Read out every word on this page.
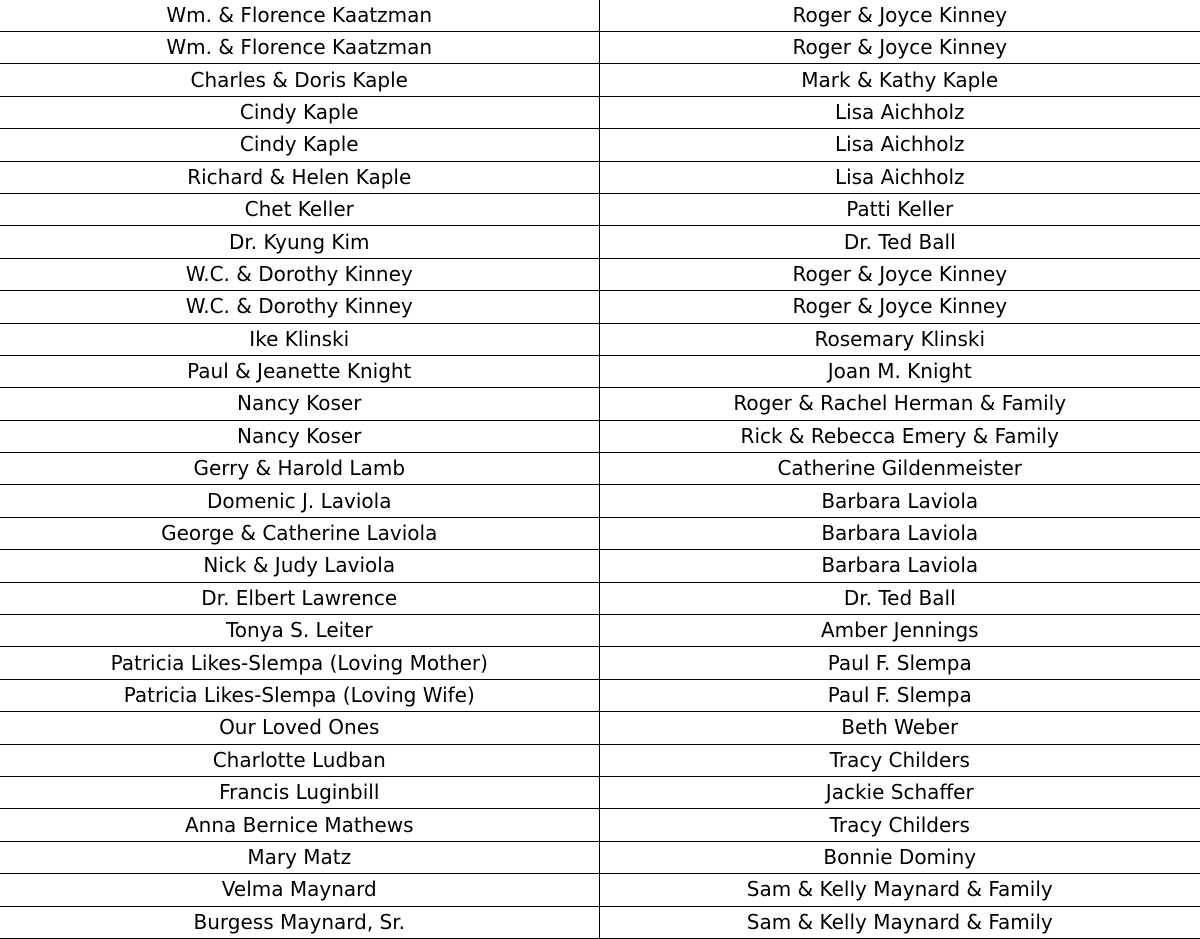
Wm. & Florence Kaatzman	Roger & Joyce Kinney
Wm. & Florence Kaatzman	Roger & Joyce Kinney
Charles & Doris Kaple	Mark & Kathy Kaple
Cindy Kaple	Lisa Aichholz
Cindy Kaple	Lisa Aichholz
Richard & Helen Kaple	Lisa Aichholz
Chet Keller	Patti Keller
Dr. Kyung Kim	Dr. Ted Ball
W.C. & Dorothy Kinney	Roger & Joyce Kinney
W.C. & Dorothy Kinney	Roger & Joyce Kinney
Ike Klinski	Rosemary Klinski
Paul & Jeanette Knight	Joan M. Knight
Nancy Koser	Roger & Rachel Herman & Family
Nancy Koser	Rick & Rebecca Emery & Family
Gerry & Harold Lamb	Catherine Gildenmeister
Domenic J. Laviola	Barbara Laviola
George & Catherine Laviola	Barbara Laviola
Nick & Judy Laviola	Barbara Laviola
Dr. Elbert Lawrence	Dr. Ted Ball
Tonya S. Leiter	Amber Jennings
Patricia Likes-Slempa (Loving Mother)	Paul F. Slempa
Patricia Likes-Slempa (Loving Wife)	Paul F. Slempa
Our Loved Ones	Beth Weber
Charlotte Ludban	Tracy Childers
Francis Luginbill	Jackie Schaffer
Anna Bernice Mathews	Tracy Childers
Mary Matz	Bonnie Dominy
Velma Maynard	Sam & Kelly Maynard & Family
Burgess Maynard, Sr.	Sam & Kelly Maynard & Family
